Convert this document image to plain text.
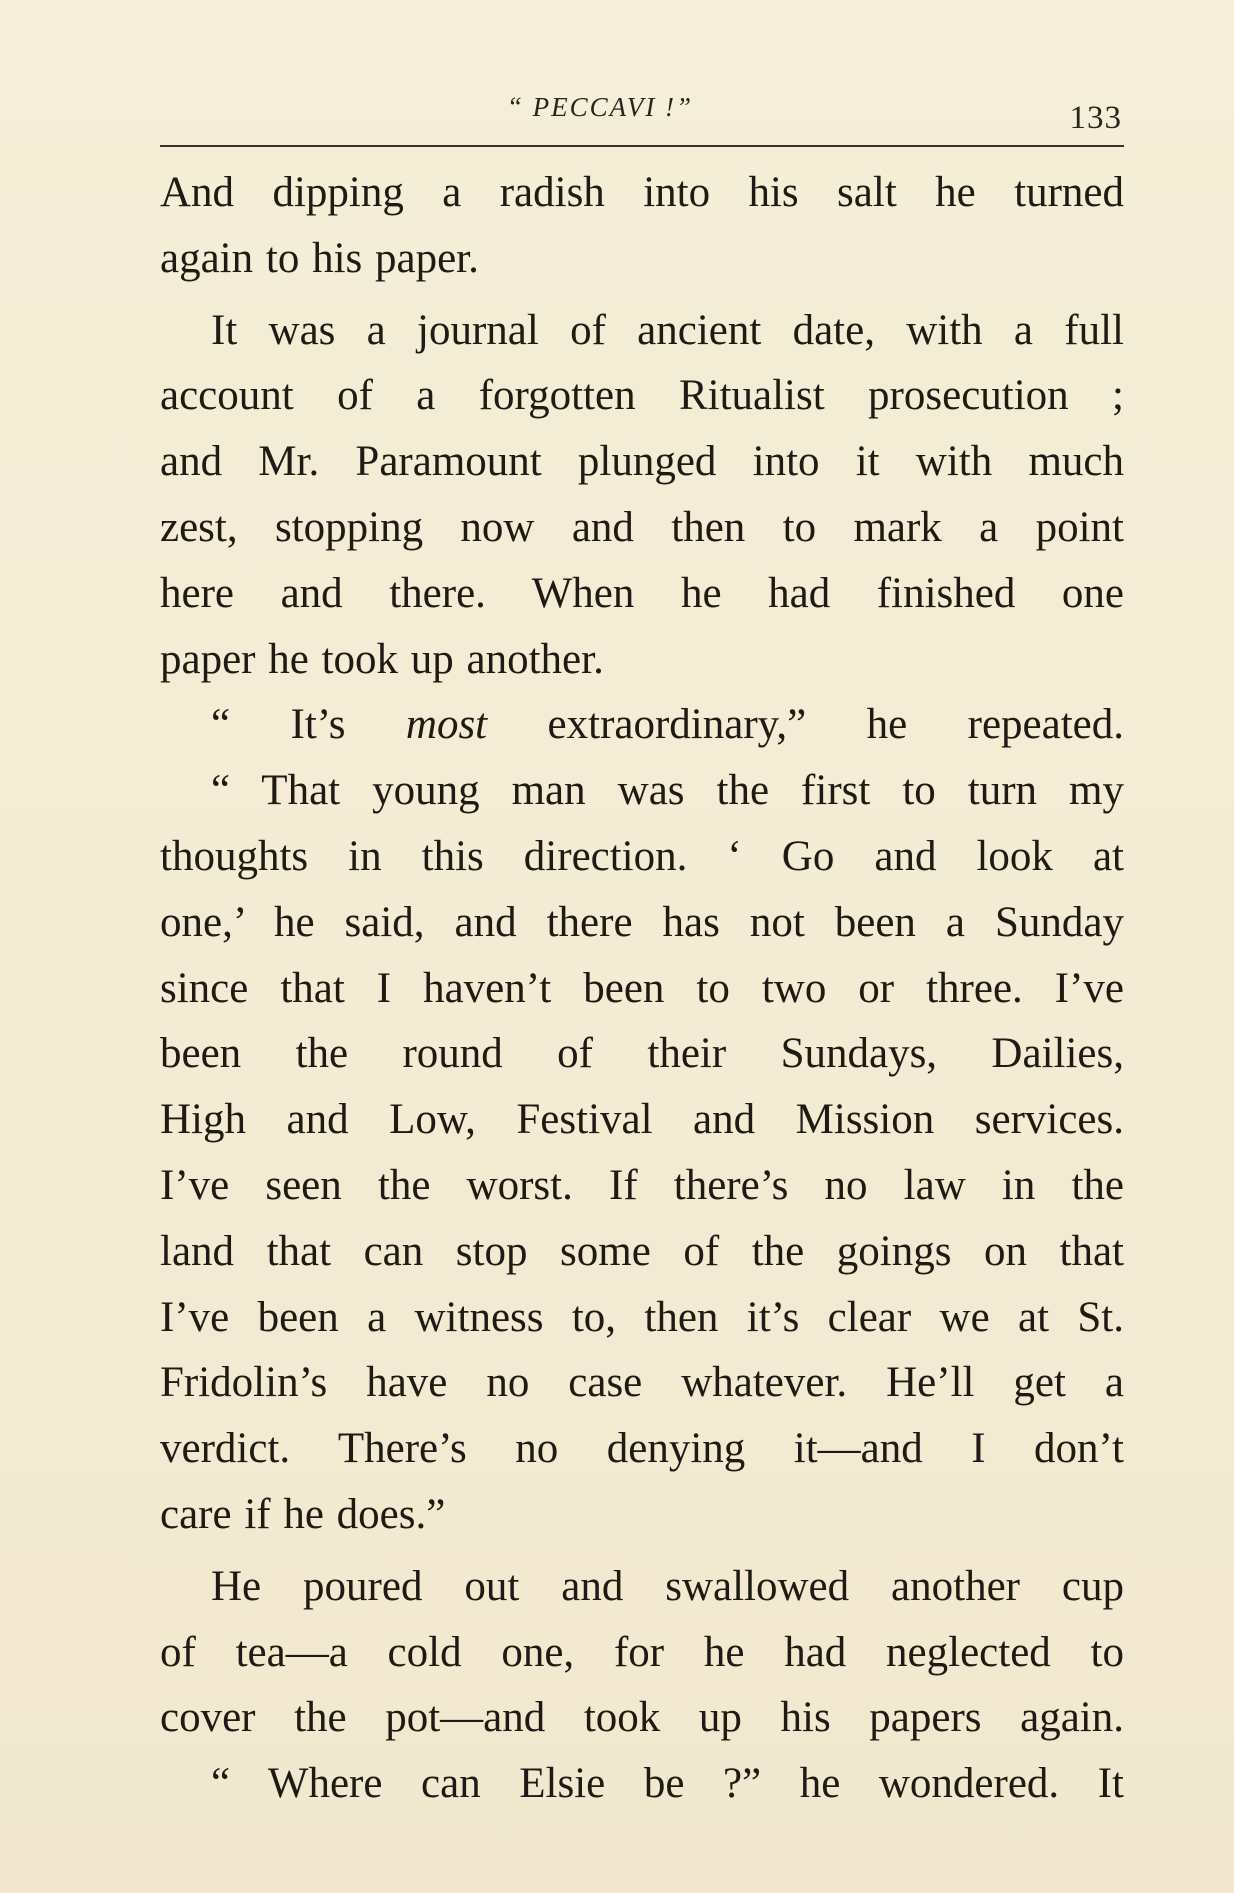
“ PECCAVI !”	133
And dipping a radish into his salt he turned
again to his paper.
It was a journal of ancient date, with a full
account of a forgotten Ritualist prosecution ;
and Mr. Paramount plunged into it with much
zest, stopping now and then to mark a point
here and there. When he had finished one
paper he took up another.
“ It’s most extraordinary,” he repeated.
“ That young man was the first to turn my
thoughts in this direction. ‘ Go and look at
one,’ he said, and there has not been a Sunday
since that I haven’t been to two or three. I’ve
been the round of their Sundays, Dailies,
High and Low, Festival and Mission services.
I’ve seen the worst. If there’s no law in the
land that can stop some of the goings on that
I’ve been a witness to, then it’s clear we at St.
Fridolin’s have no case whatever. He’ll get a
verdict. There’s no denying it—and I don’t
care if he does.”
He poured out and swallowed another cup
of tea—a cold one, for he had neglected to
cover the pot—and took up his papers again.
“ Where can Elsie be ?” he wondered. It
